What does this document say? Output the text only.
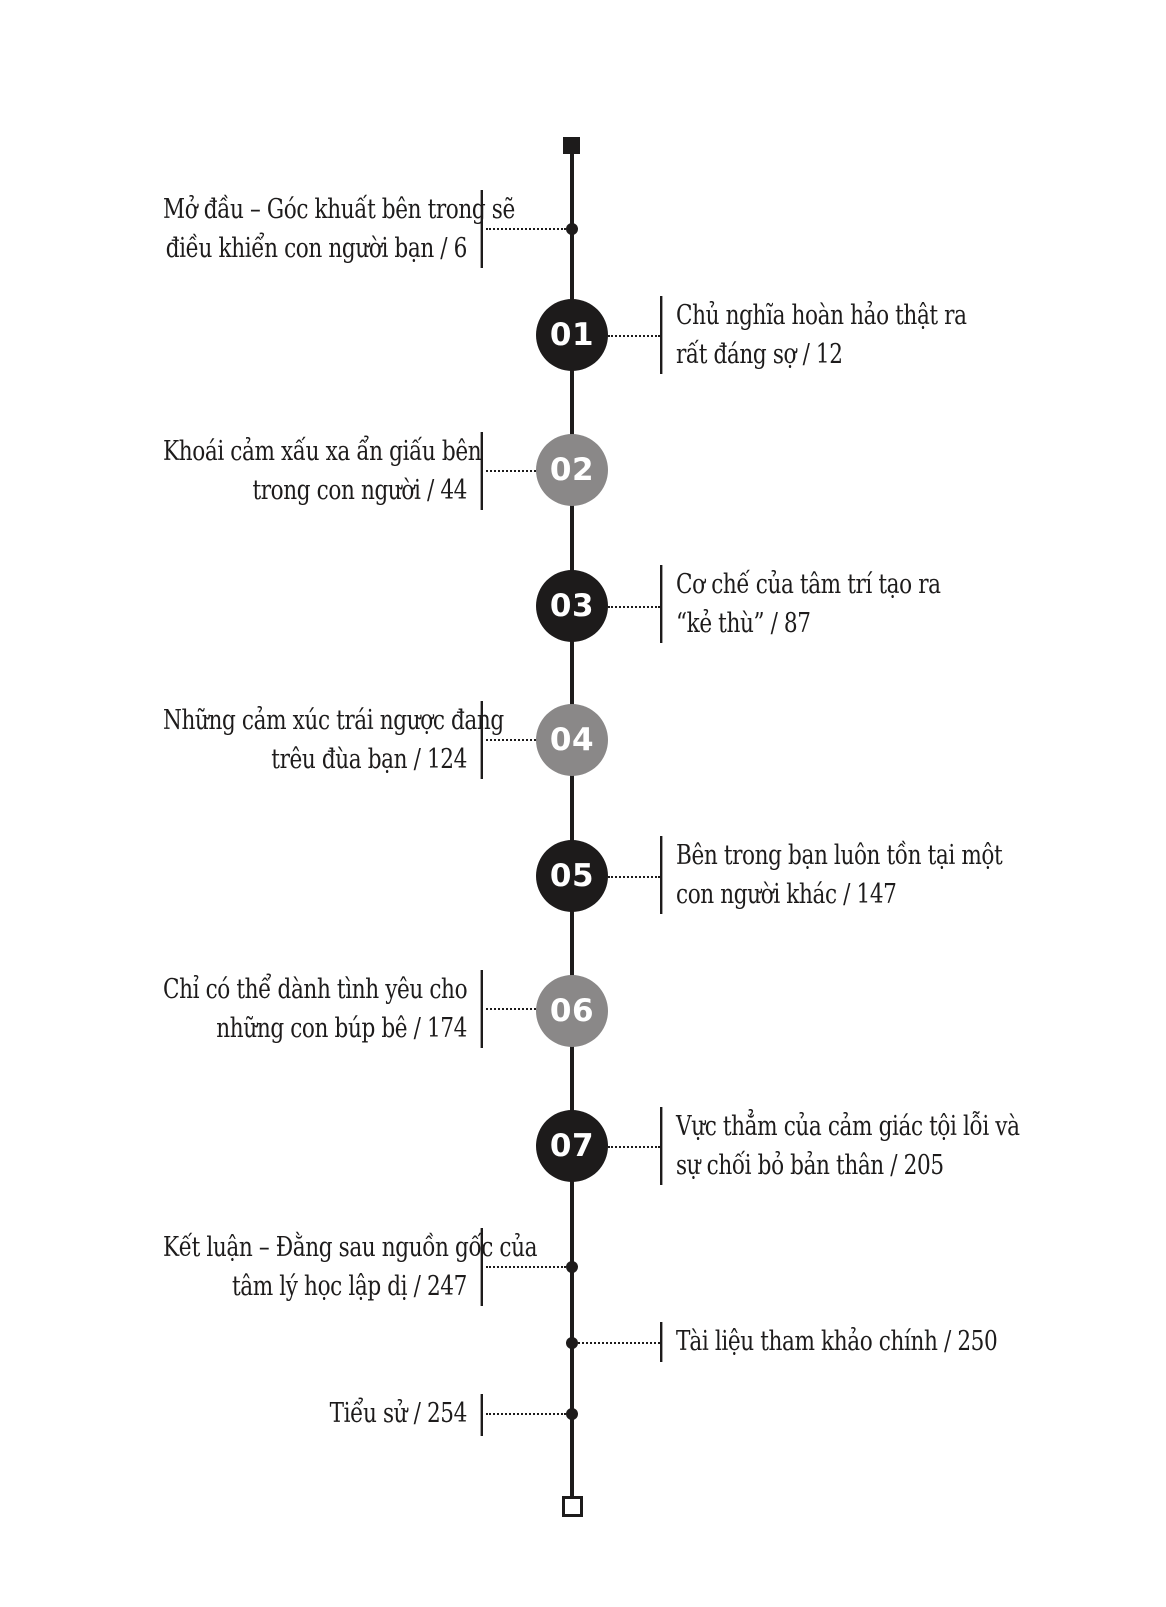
Mở đầu – Góc khuất bên trong sẽ
điều khiển con người bạn / 6
01
Chủ nghĩa hoàn hảo thật ra
rất đáng sợ / 12
02
Khoái cảm xấu xa ẩn giấu bên
trong con người / 44
03
Cơ chế của tâm trí tạo ra
“kẻ thù” / 87
04
Những cảm xúc trái ngược đang
trêu đùa bạn / 124
05
Bên trong bạn luôn tồn tại một
con người khác / 147
06
Chỉ có thể dành tình yêu cho
những con búp bê / 174
07
Vực thẳm của cảm giác tội lỗi và
sự chối bỏ bản thân / 205
Kết luận – Đằng sau nguồn gốc của
tâm lý học lập dị / 247
Tài liệu tham khảo chính / 250
Tiểu sử / 254
